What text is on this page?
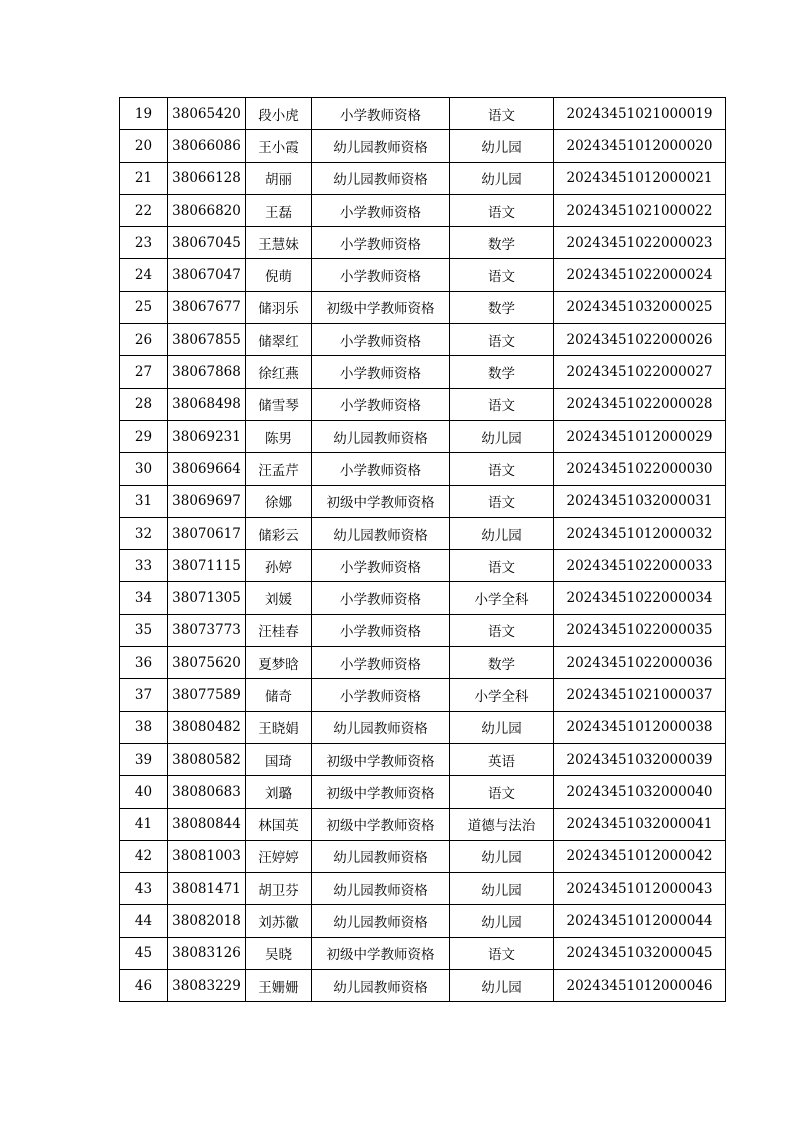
19	38065420	段小虎	小学教师资格	语文	20243451021000019
20	38066086	王小霞	幼儿园教师资格	幼儿园	20243451012000020
21	38066128	胡丽	幼儿园教师资格	幼儿园	20243451012000021
22	38066820	王磊	小学教师资格	语文	20243451021000022
23	38067045	王慧妹	小学教师资格	数学	20243451022000023
24	38067047	倪萌	小学教师资格	语文	20243451022000024
25	38067677	储羽乐	初级中学教师资格	数学	20243451032000025
26	38067855	储翠红	小学教师资格	语文	20243451022000026
27	38067868	徐红燕	小学教师资格	数学	20243451022000027
28	38068498	储雪琴	小学教师资格	语文	20243451022000028
29	38069231	陈男	幼儿园教师资格	幼儿园	20243451012000029
30	38069664	汪孟芹	小学教师资格	语文	20243451022000030
31	38069697	徐娜	初级中学教师资格	语文	20243451032000031
32	38070617	储彩云	幼儿园教师资格	幼儿园	20243451012000032
33	38071115	孙婷	小学教师资格	语文	20243451022000033
34	38071305	刘媛	小学教师资格	小学全科	20243451022000034
35	38073773	汪桂春	小学教师资格	语文	20243451022000035
36	38075620	夏梦晗	小学教师资格	数学	20243451022000036
37	38077589	储奇	小学教师资格	小学全科	20243451021000037
38	38080482	王晓娟	幼儿园教师资格	幼儿园	20243451012000038
39	38080582	国琦	初级中学教师资格	英语	20243451032000039
40	38080683	刘璐	初级中学教师资格	语文	20243451032000040
41	38080844	林国英	初级中学教师资格	道德与法治	20243451032000041
42	38081003	汪婷婷	幼儿园教师资格	幼儿园	20243451012000042
43	38081471	胡卫芬	幼儿园教师资格	幼儿园	20243451012000043
44	38082018	刘苏徽	幼儿园教师资格	幼儿园	20243451012000044
45	38083126	吴晓	初级中学教师资格	语文	20243451032000045
46	38083229	王姗姗	幼儿园教师资格	幼儿园	20243451012000046
